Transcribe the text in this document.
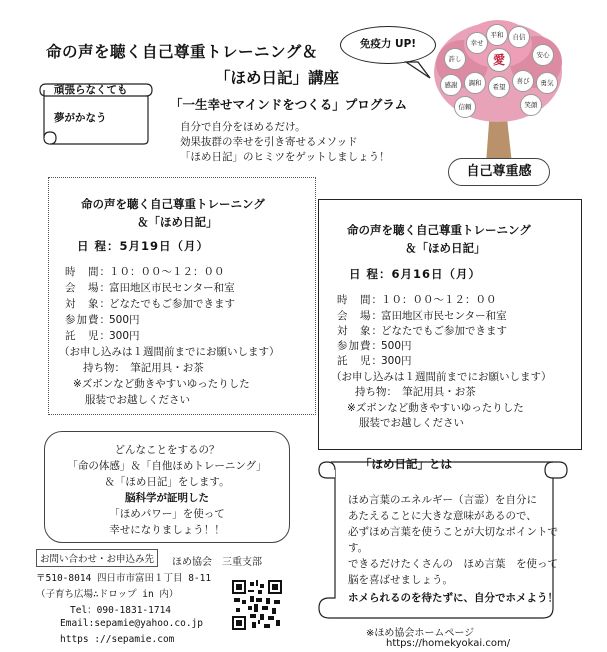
命の声を聴く自己尊重トレーニング＆
「ほめ日記」講座
「一生幸せマインドをつくる」プログラム
自分で自分をほめるだけ。
効果抜群の幸せを引き寄せるメソッド
「ほめ日記」のヒミツをゲットしましょう！
免疫力 UP!
頑張らなくても
夢がかなう
愛
許し
幸せ
自信
安心
感謝	調和	希望
喜び	勇気
信頼	笑顔
平和
自己尊重感
命の声を聴く自己尊重トレーニング
＆「ほめ日記」
日 程：5月19日（月）
時　間：１０：００～１２：００
会　場：富田地区市民センター和室
対　象：どなたでもご参加できます
参加費：500円
託　児：300円
（お申し込みは１週間前までにお願いします）
持ち物：　筆記用具・お茶
※ズボンなど動きやすいゆったりした
服装でお越しください
命の声を聴く自己尊重トレーニング
＆「ほめ日記」
日 程：6月16日（月）
時　間：１０：００～１２：００
会　場：富田地区市民センター和室
対　象：どなたでもご参加できます
参加費：500円
託　児：300円
（お申し込みは１週間前までにお願いします）
持ち物：　筆記用具・お茶
※ズボンなど動きやすいゆったりした
服装でお越しください
どんなことをするの？
「命の体感」＆「自他ほめトレーニング」
＆「ほめ日記」をします。
脳科学が証明した
「ほめパワー」を使って
幸せになりましょう！！
「ほめ日記」とは
ほめ言葉のエネルギー（言霊）を自分に
あたえることに大きな意味があるので、
必ずほめ言葉を使うことが大切なポイントで
す。
できるだけたくさんの　ほめ言葉　を使って
脳を喜ばせましょう。
ホメられるのを待たずに、自分でホメよう！
※ほめ協会ホームページ
https://homekyokai.com/
お問い合わせ・お申込み先	ほめ協会　三重支部
〒510-8014 四日市市富田１丁目 8-11
（子育ち広場∴ドロップ in 内）
Tel：090-1831-1714
Email:sepamie@yahoo.co.jp
https ://sepamie.com
